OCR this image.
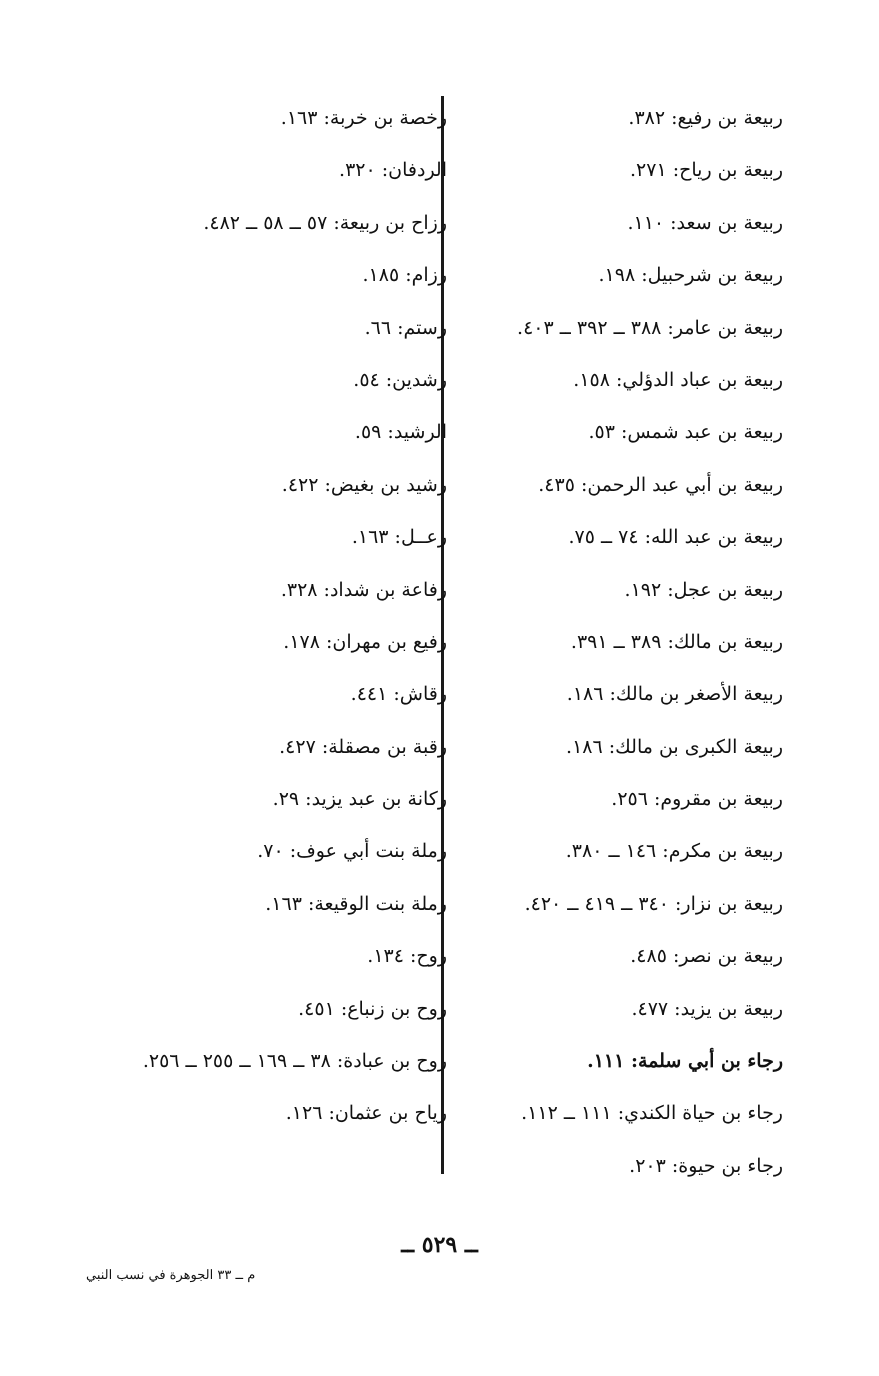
ربيعة بن رفيع: ٣٨٢.
ربيعة بن رياح: ٢٧١.
ربيعة بن سعد: ١١٠.
ربيعة بن شرحبيل: ١٩٨.
ربيعة بن عامر: ٣٨٨ ــ ٣٩٢ ــ ٤٠٣.
ربيعة بن عباد الدؤلي: ١٥٨.
ربيعة بن عبد شمس: ٥٣.
ربيعة بن أبي عبد الرحمن: ٤٣٥.
ربيعة بن عبد الله: ٧٤ ــ ٧٥.
ربيعة بن عجل: ١٩٢.
ربيعة بن مالك: ٣٨٩ ــ ٣٩١.
ربيعة الأصغر بن مالك: ١٨٦.
ربيعة الكبرى بن مالك: ١٨٦.
ربيعة بن مقروم: ٢٥٦.
ربيعة بن مكرم: ١٤٦ ــ ٣٨٠.
ربيعة بن نزار: ٣٤٠ ــ ٤١٩ ــ ٤٢٠.
ربيعة بن نصر: ٤٨٥.
ربيعة بن يزيد: ٤٧٧.
رجاء بن أبي سلمة: ١١١.
رجاء بن حياة الكندي: ١١١ ــ ١١٢.
رجاء بن حيوة: ٢٠٣.
رخصة بن خربة: ١٦٣.
الردفان: ٣٢٠.
رزاح بن ربيعة: ٥٧ ــ ٥٨ ــ ٤٨٢.
رزام: ١٨٥.
رستم: ٦٦.
رشدين: ٥٤.
الرشيد: ٥٩.
رشيد بن بغيض: ٤٢٢.
رعــل: ١٦٣.
رفاعة بن شداد: ٣٢٨.
رفيع بن مهران: ١٧٨.
رقاش: ٤٤١.
رقبة بن مصقلة: ٤٢٧.
ركانة بن عبد يزيد: ٢٩.
رملة بنت أبي عوف: ٧٠.
رملة بنت الوقيعة: ١٦٣.
روح: ١٣٤.
روح بن زنباع: ٤٥١.
روح بن عبادة: ٣٨ ــ ١٦٩ ــ ٢٥٥ ــ ٢٥٦.
رياح بن عثمان: ١٢٦.
ــ ٥٢٩ ــ
م ــ ٣٣ الجوهرة في نسب النبي
